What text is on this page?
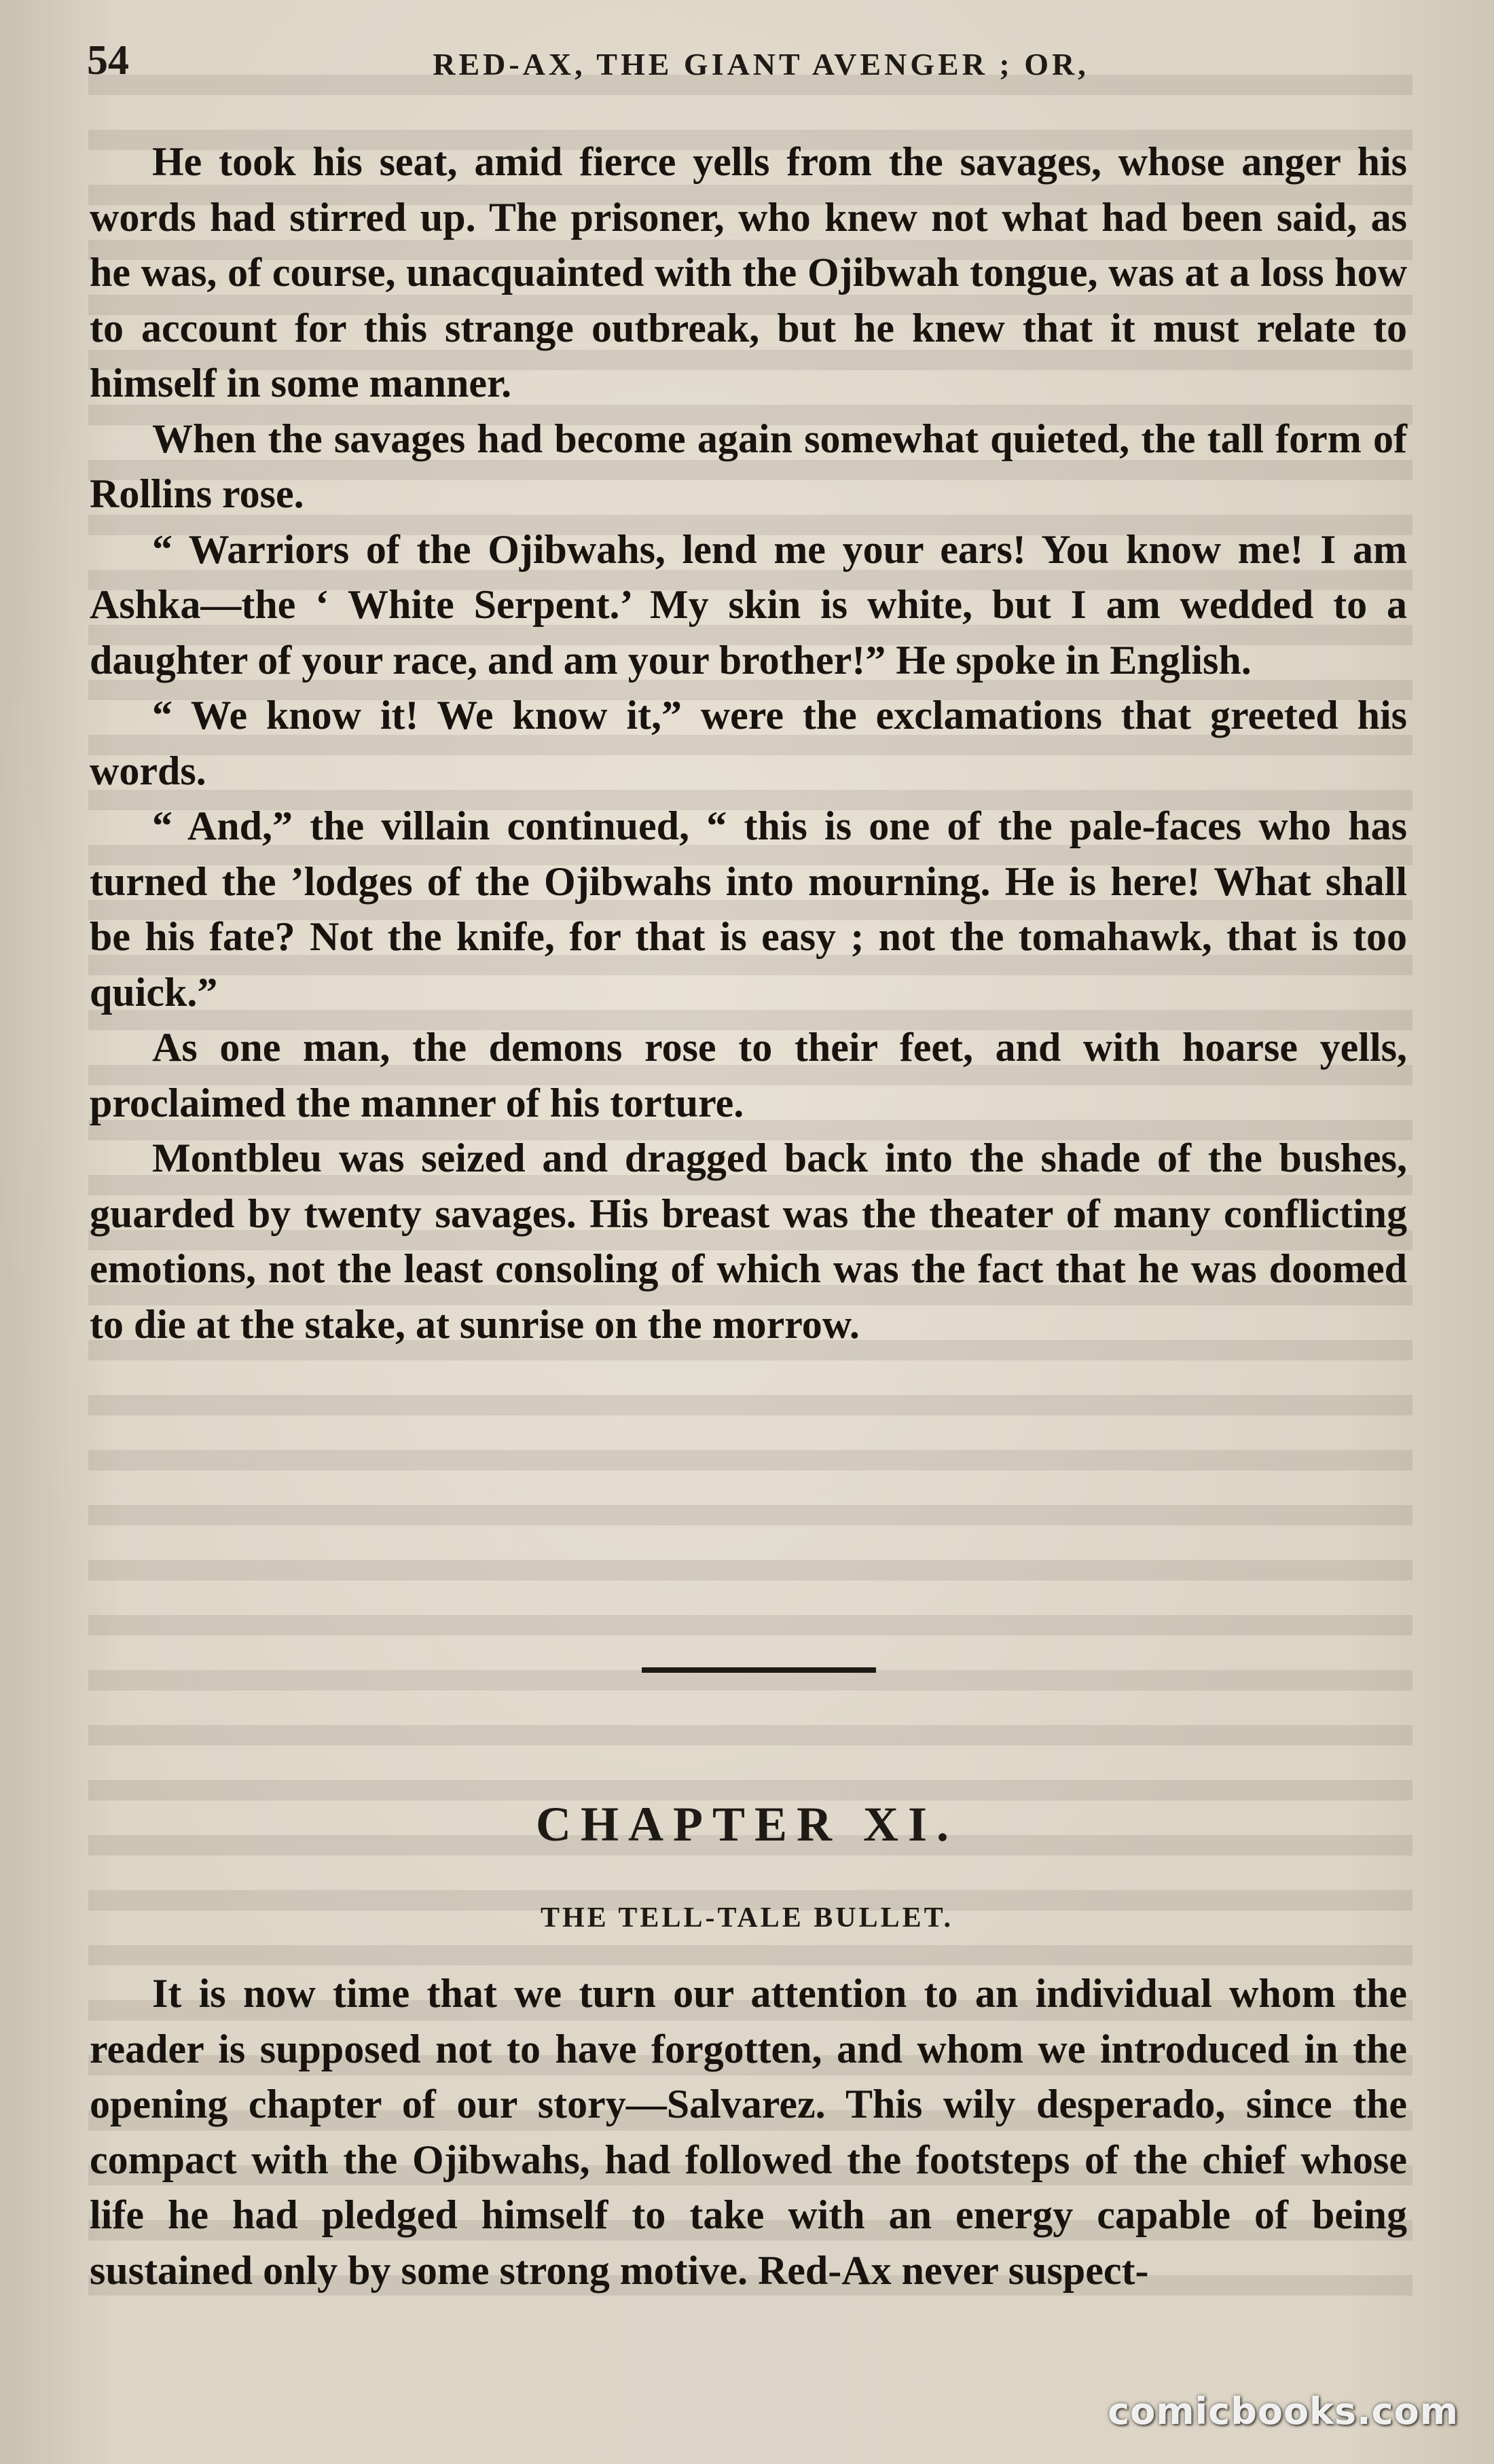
54	RED-AX, THE GIANT AVENGER ; OR,

He took his seat, amid fierce yells from the savages, whose anger his words had stirred up. The prisoner, who knew not what had been said, as he was, of course, unacquainted with the Ojibwah tongue, was at a loss how to account for this strange outbreak, but he knew that it must relate to himself in some manner.

When the savages had become again somewhat quieted, the tall form of Rollins rose.

“ Warriors of the Ojibwahs, lend me your ears! You know me! I am Ashka—the ‘ White Serpent.’ My skin is white, but I am wedded to a daughter of your race, and am your brother!” He spoke in English.

“ We know it! We know it,” were the exclamations that greeted his words.

“ And,” the villain continued, “ this is one of the pale-faces who has turned the ’lodges of the Ojibwahs into mourning. He is here! What shall be his fate? Not the knife, for that is easy ; not the tomahawk, that is too quick.”

As one man, the demons rose to their feet, and with hoarse yells, proclaimed the manner of his torture.

Montbleu was seized and dragged back into the shade of the bushes, guarded by twenty savages. His breast was the theater of many conflicting emotions, not the least consoling of which was the fact that he was doomed to die at the stake, at sunrise on the morrow.

CHAPTER XI.
THE TELL-TALE BULLET.

It is now time that we turn our attention to an individual whom the reader is supposed not to have forgotten, and whom we introduced in the opening chapter of our story—Salvarez. This wily desperado, since the compact with the Ojibwahs, had followed the footsteps of the chief whose life he had pledged himself to take with an energy capable of being sustained only by some strong motive. Red-Ax never suspect-

comicbooks.com
